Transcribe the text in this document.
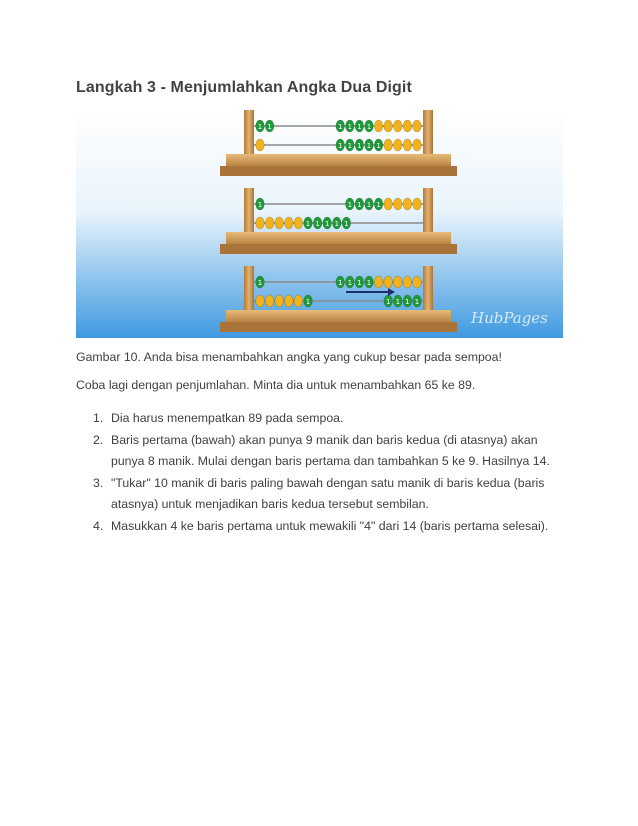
Langkah 3 - Menjumlahkan Angka Dua Digit
1 1	1
1
1
1
1
1
1
1
1
1	1
1
1
1
1 1 1 1 1
1	1
1
1
1
1	1
1
1
1
HubPages

Gambar 10. Anda bisa menambahkan angka yang cukup besar pada sempoa!

Coba lagi dengan penjumlahan. Minta dia untuk menambahkan 65 ke 89.

1. Dia harus menempatkan 89 pada sempoa.
2. Baris pertama (bawah) akan punya 9 manik dan baris kedua (di atasnya) akan
punya 8 manik. Mulai dengan baris pertama dan tambahkan 5 ke 9. Hasilnya 14.
3. "Tukar" 10 manik di baris paling bawah dengan satu manik di baris kedua (baris
atasnya) untuk menjadikan baris kedua tersebut sembilan.
4. Masukkan 4 ke baris pertama untuk mewakili "4" dari 14 (baris pertama selesai).
